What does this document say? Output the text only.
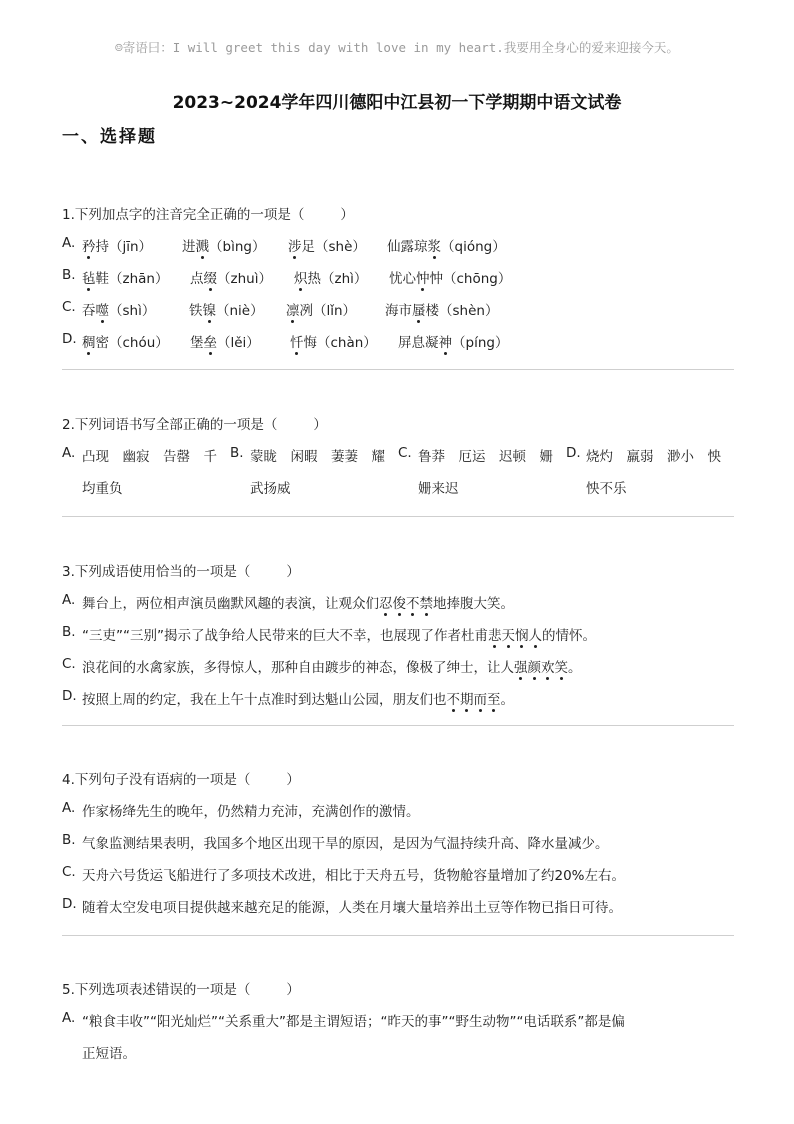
☺寄语曰：I will greet this day with love in my heart.我要用全身心的爱来迎接今天。
2023~2024学年四川德阳中江县初一下学期期中语文试卷
一、选择题
1.下列加点字的注音完全正确的一项是（	）
A. 矜持（jīn） 进溅（bìng） 涉足（shè） 仙露琼浆（qióng）
B. 毡鞋（zhān） 点缀（zhuì） 炽热（zhì） 忧心忡忡（chōng）
C. 吞噬（shì） 铁镍（niè） 凛冽（lǐn） 海市蜃楼（shèn）
D. 稠密（chóu） 堡垒（lěi） 忏悔（chàn） 屏息凝神（píng）
2.下列词语书写全部正确的一项是（	）
A. 凸现　幽寂　告罄　千
均重负
B. 蒙眬　闲暇　萋萋　耀
武扬威
C. 鲁莽　厄运　迟顿　姗
姗来迟
D. 烧灼　羸弱　渺小　怏
怏不乐
3.下列成语使用恰当的一项是（	）
A. 舞台上，两位相声演员幽默风趣的表演，让观众们忍俊不禁地捧腹大笑。
B. “三吏”“三别”揭示了战争给人民带来的巨大不幸，也展现了作者杜甫悲天悯人的情怀。
C. 浪花间的水禽家族，多得惊人，那种自由踱步的神态，像极了绅士，让人强颜欢笑。
D. 按照上周的约定，我在上午十点准时到达魁山公园，朋友们也不期而至。
4.下列句子没有语病的一项是（	）
A. 作家杨绛先生的晚年，仍然精力充沛，充满创作的激情。
B. 气象监测结果表明，我国多个地区出现干旱的原因，是因为气温持续升高、降水量减少。
C. 天舟六号货运飞船进行了多项技术改进，相比于天舟五号，货物舱容量增加了约20%左右。
D. 随着太空发电项目提供越来越充足的能源，人类在月壤大量培养出土豆等作物已指日可待。
5.下列选项表述错误的一项是（	）
A. “粮食丰收”“阳光灿烂”“关系重大”都是主谓短语；“昨天的事”“野生动物”“电话联系”都是偏
正短语。
